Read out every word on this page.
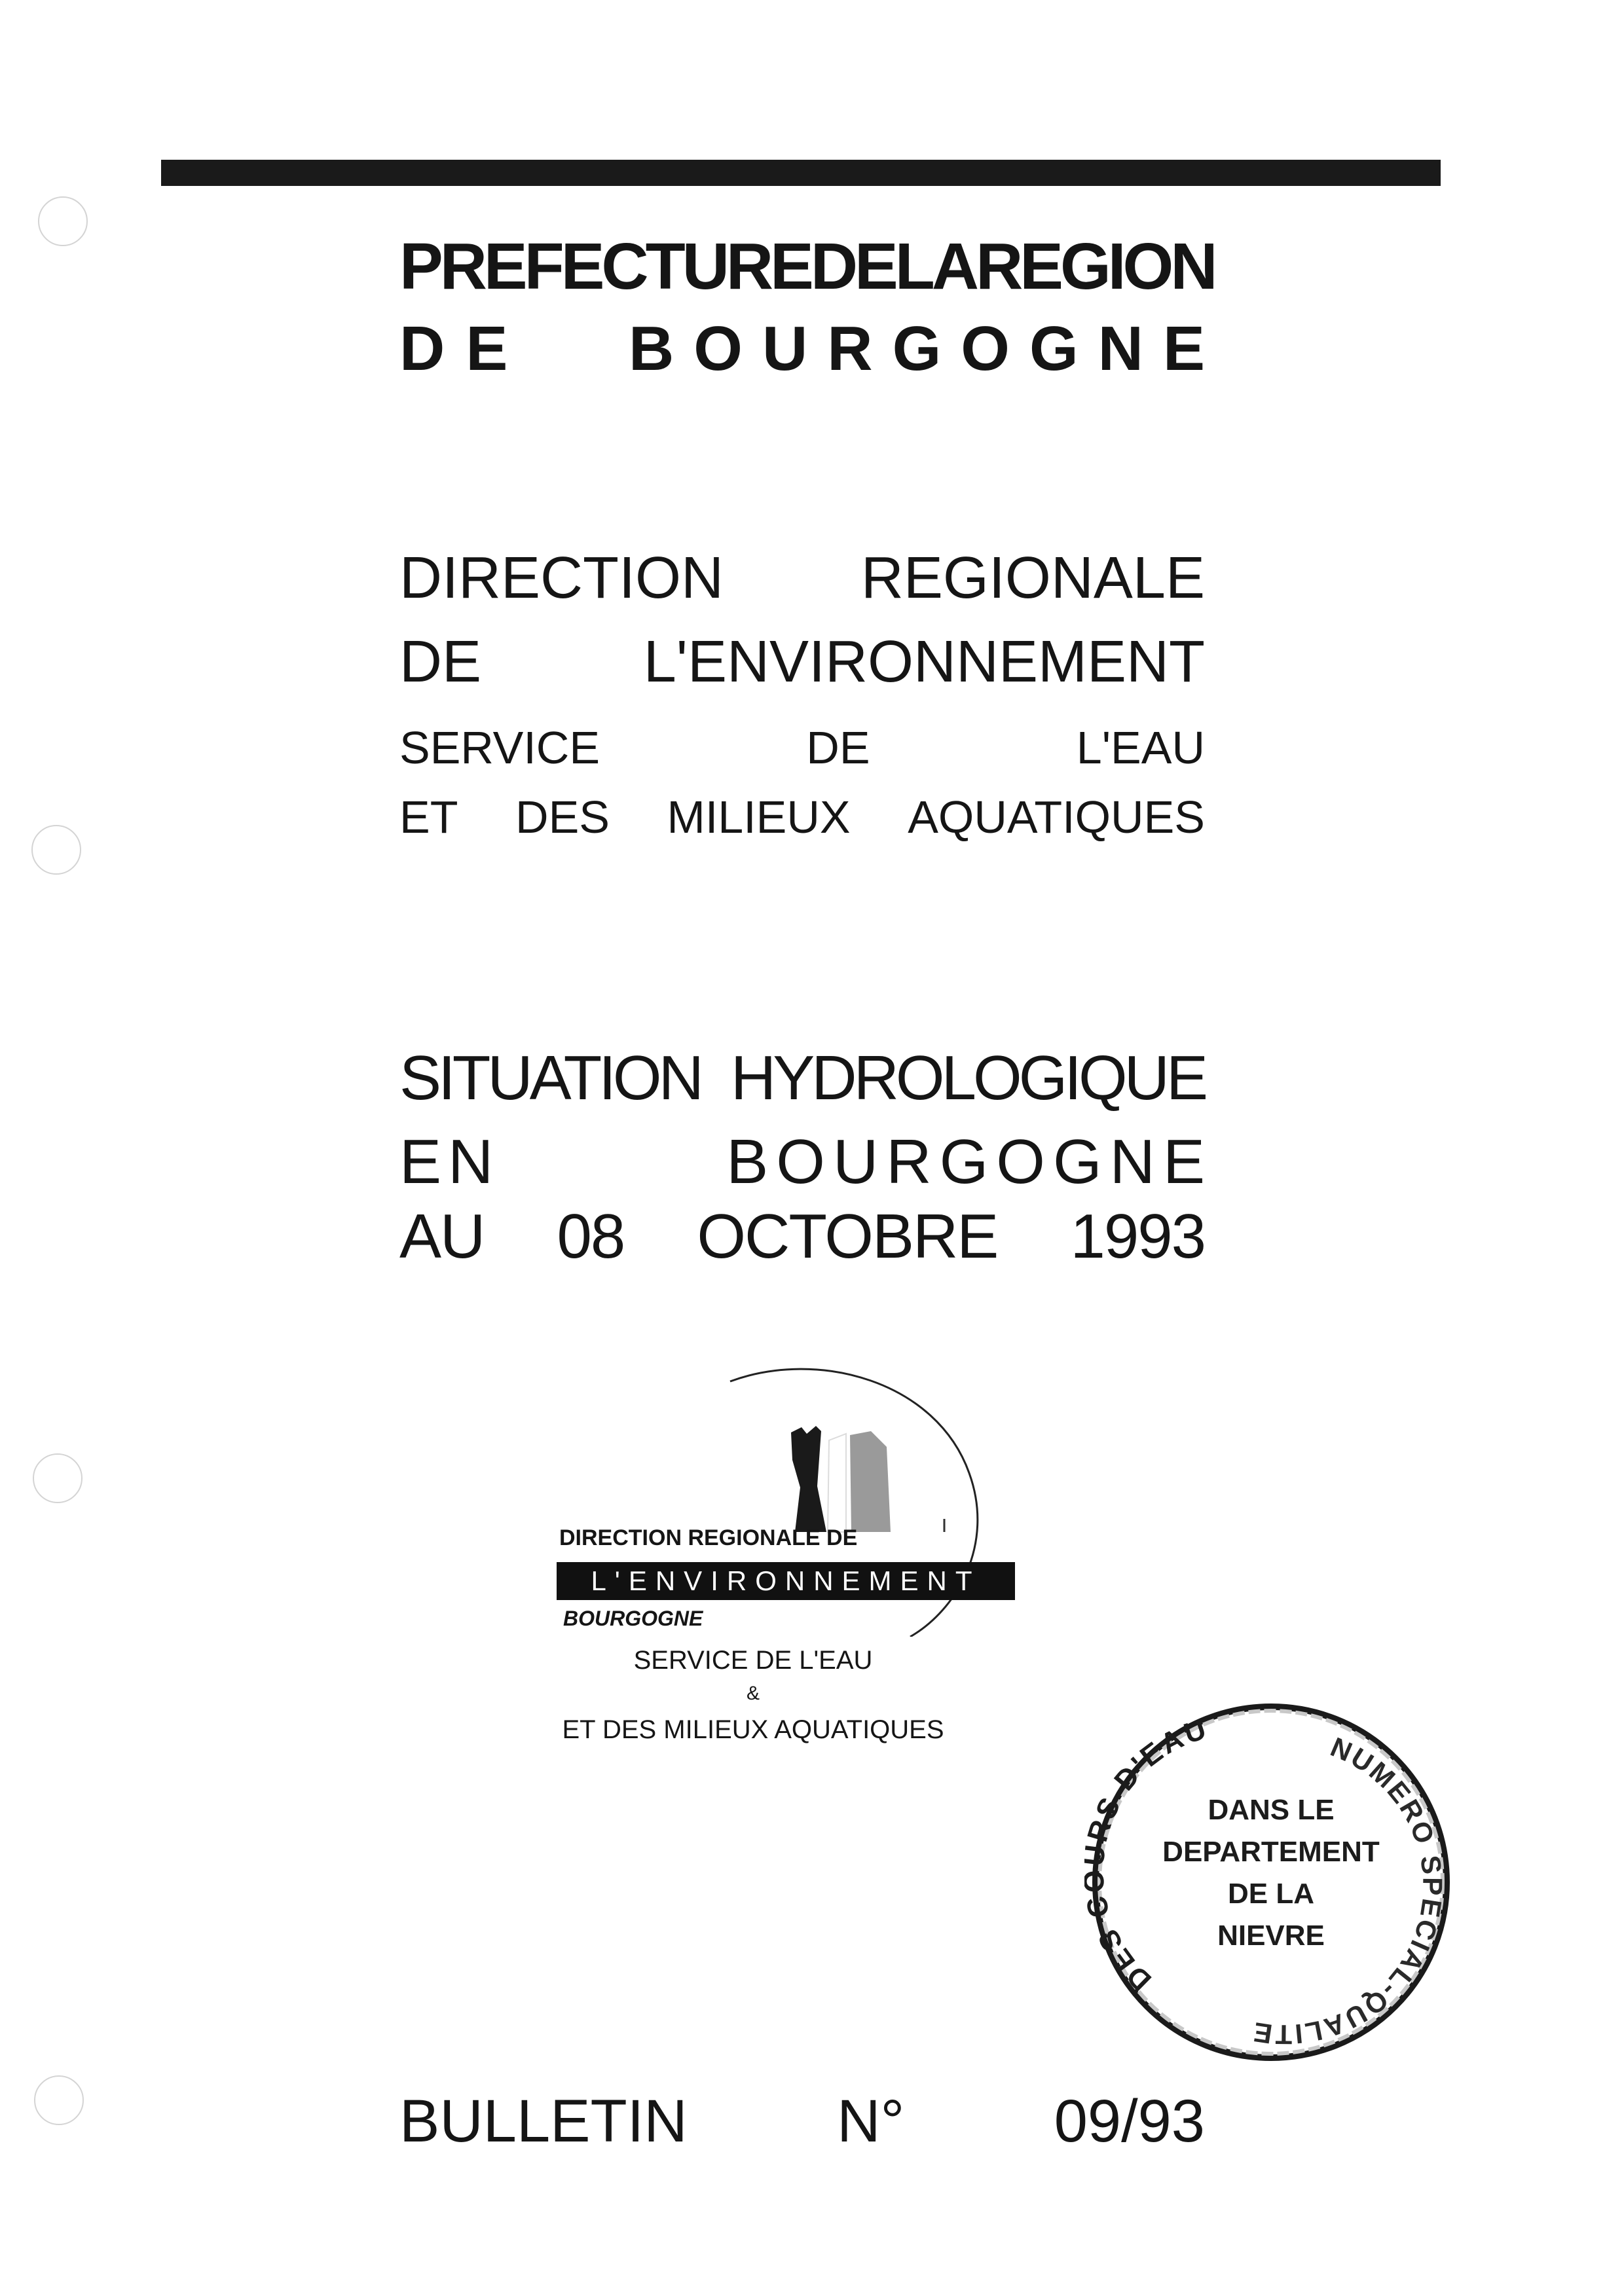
PREFECTURE DE LA REGION
DE BOURGOGNE
DIRECTION REGIONALE
DE	L'ENVIRONNEMENT
SERVICE	DE	L'EAU
ET DES MILIEUX AQUATIQUES
SITUATION HYDROLOGIQUE
EN	BOURGOGNE
AU 08 OCTOBRE 1993
DIRECTION REGIONALE DE
L'ENVIRONNEMENT
BOURGOGNE
SERVICE DE L'EAU
&
ET DES MILIEUX AQUATIQUES
DES RS D'EAU	NUMERO SPECIAL-QUALITE
DANS LE
DEPARTEMENT
DE LA
NIEVRE
BULLETIN N° 09/93
